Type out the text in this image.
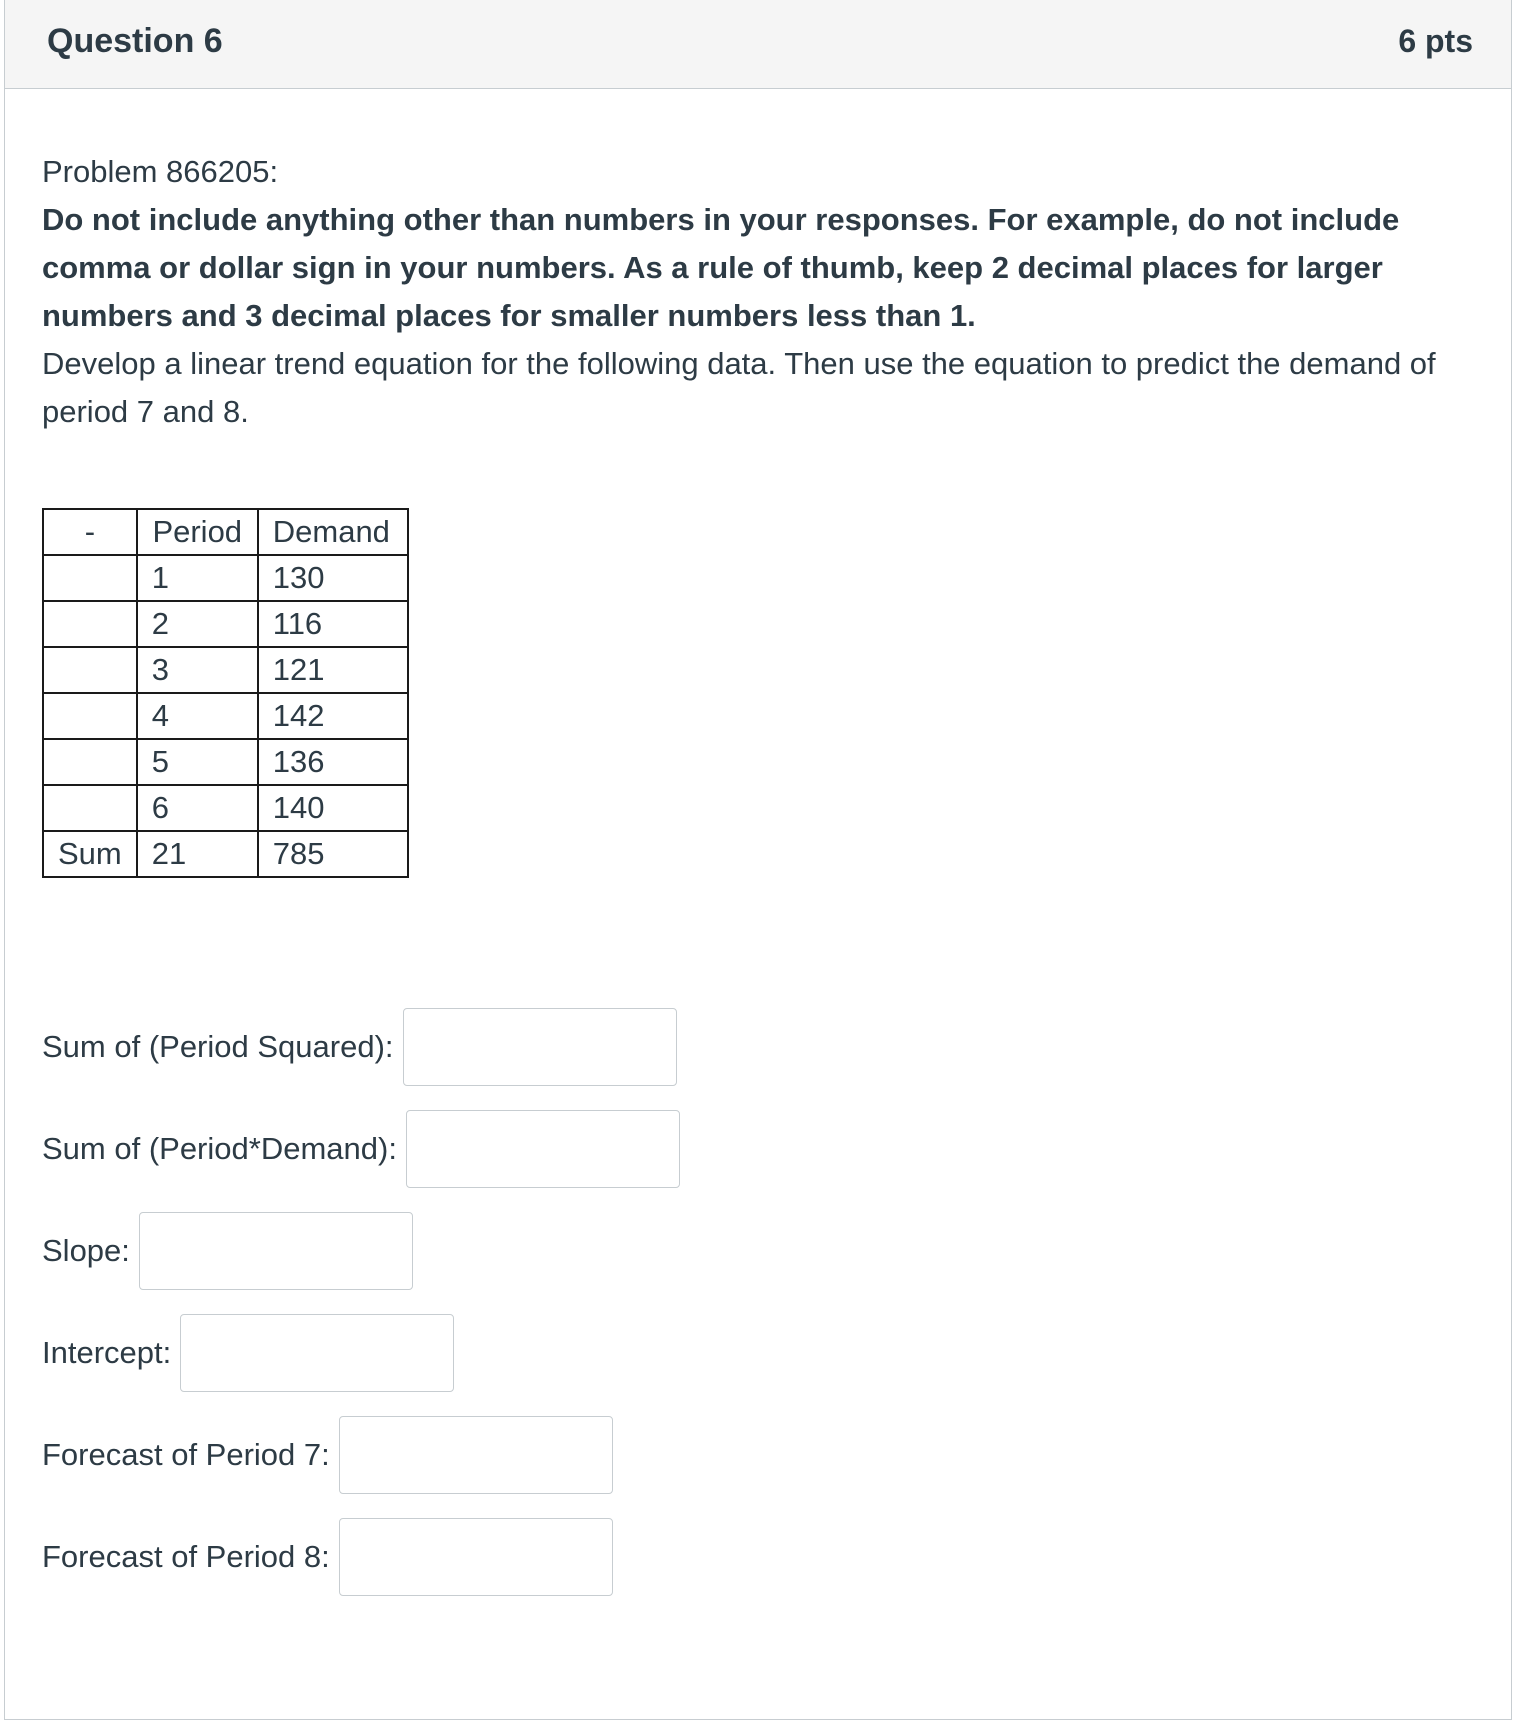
Question 6	6 pts

Problem 866205:

Do not include anything other than numbers in your responses. For example, do not include comma or dollar sign in your numbers. As a rule of thumb, keep 2 decimal places for larger numbers and 3 decimal places for smaller numbers less than 1.

Develop a linear trend equation for the following data. Then use the equation to predict the demand of period 7 and 8.

-	Period	Demand
	1	130
	2	116
	3	121
	4	142
	5	136
	6	140
Sum	21	785
Sum of (Period Squared):
Sum of (Period*Demand):
Slope:
Intercept:
Forecast of Period 7:
Forecast of Period 8:
